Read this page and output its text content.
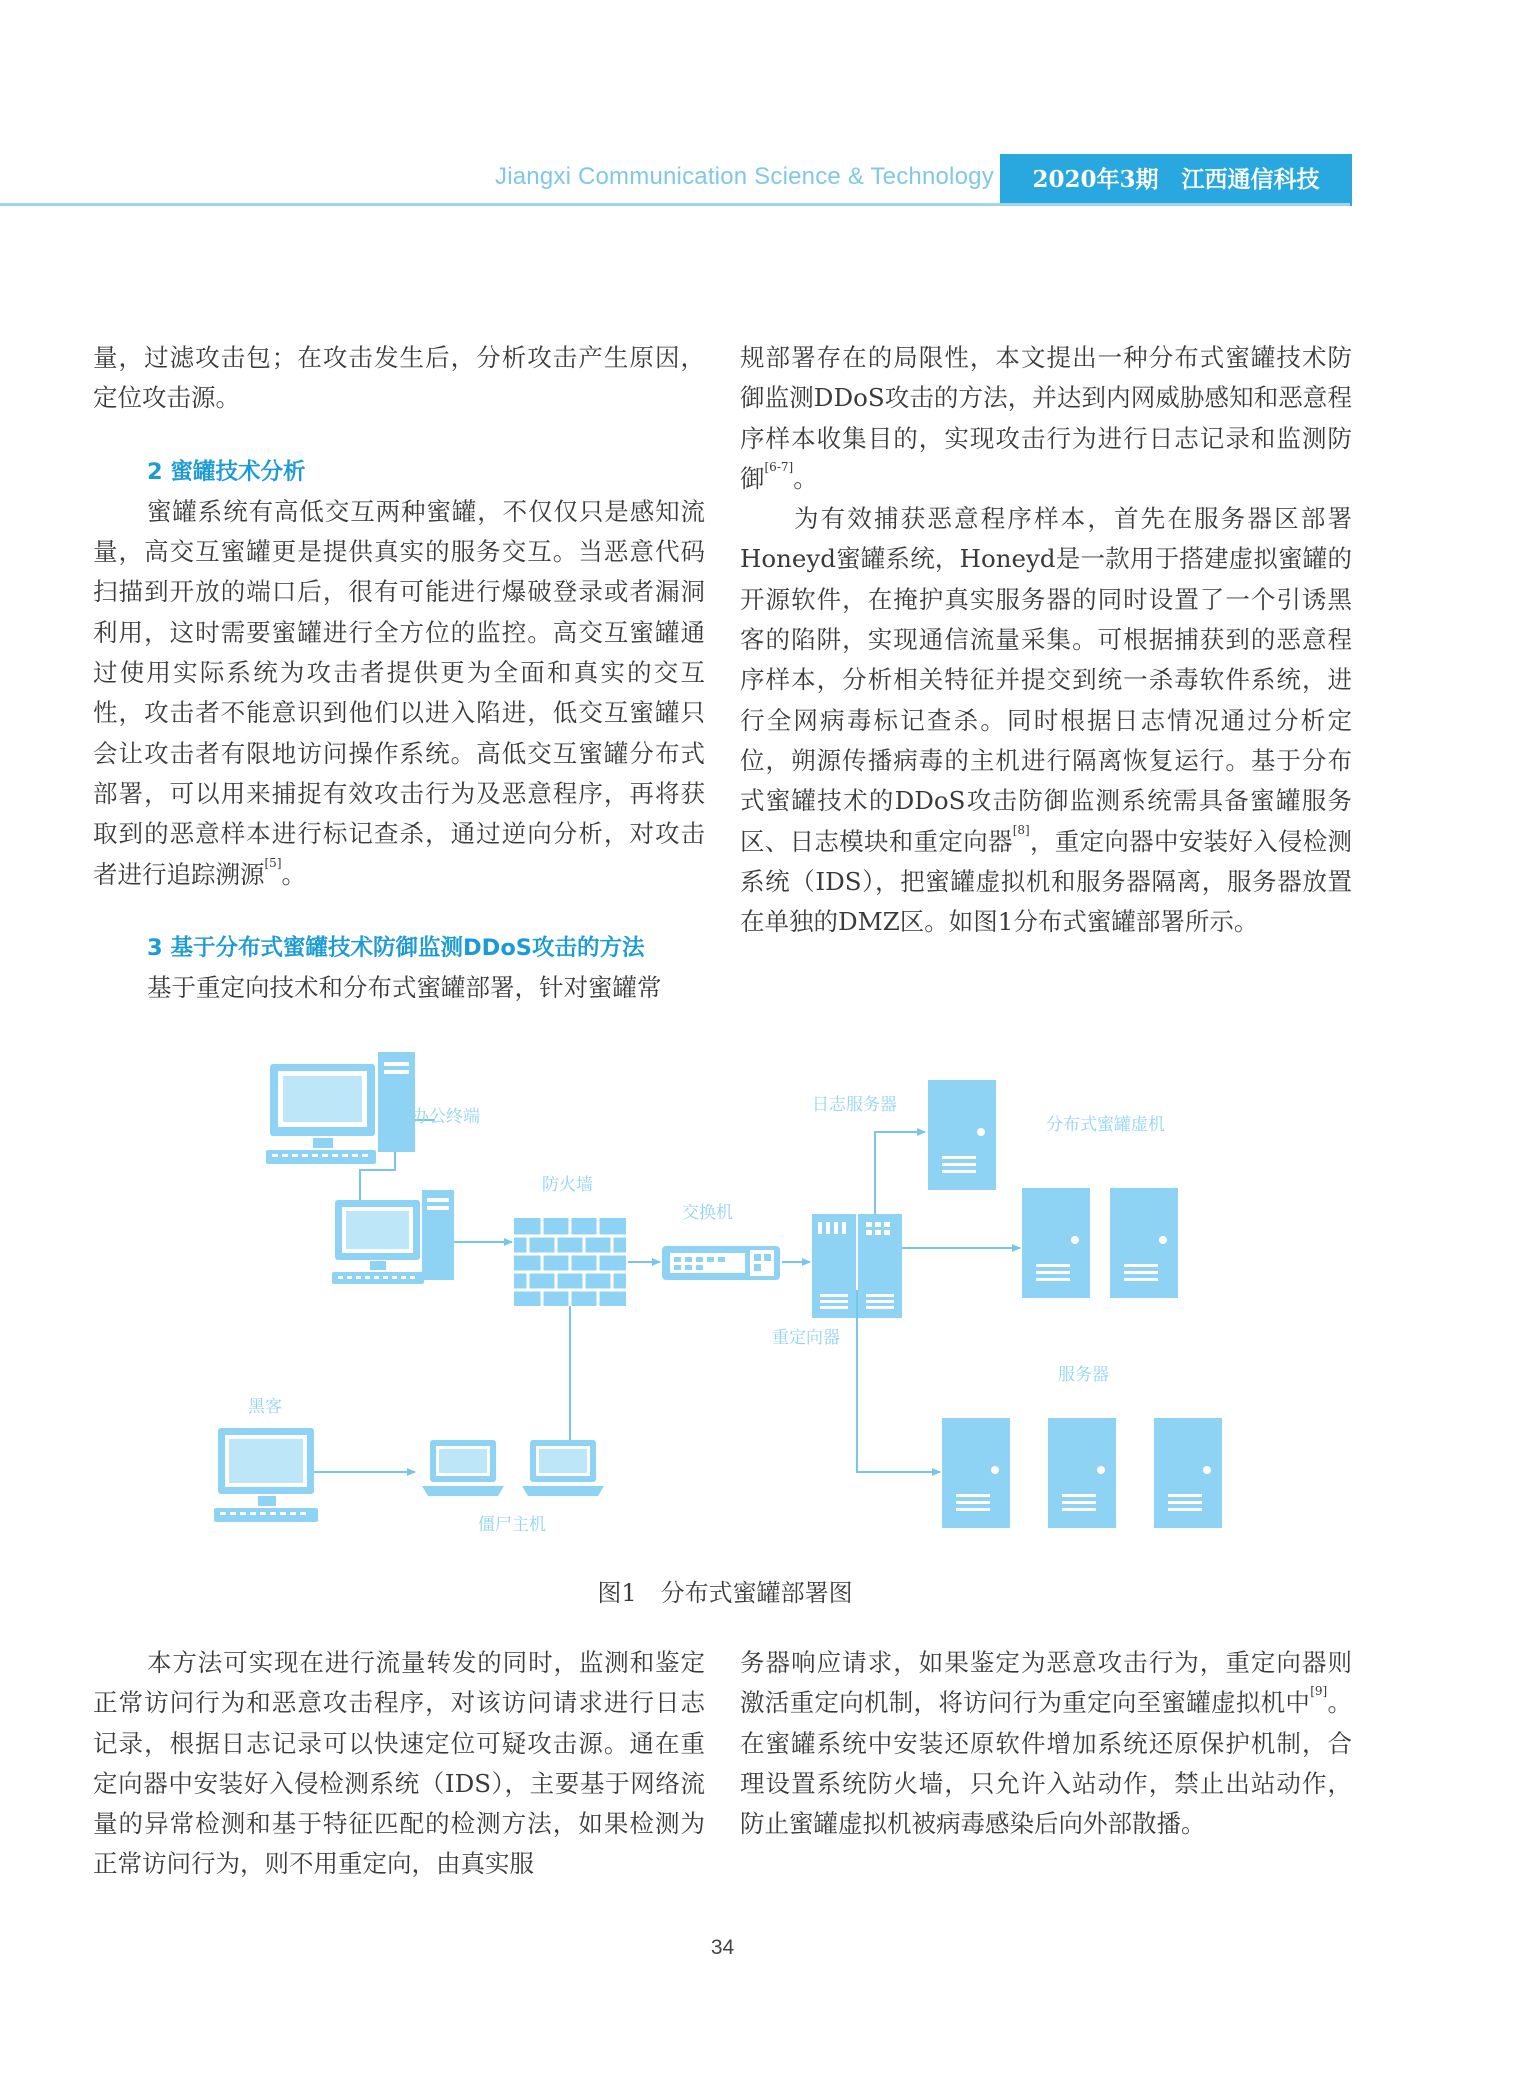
Jiangxi Communication Science & Technology	2020年3期　江西通信科技

量，过滤攻击包；在攻击发生后，分析攻击产生原因，定位攻击源。

2 蜜罐技术分析

蜜罐系统有高低交互两种蜜罐，不仅仅只是感知流量，高交互蜜罐更是提供真实的服务交互。当恶意代码扫描到开放的端口后，很有可能进行爆破登录或者漏洞利用，这时需要蜜罐进行全方位的监控。高交互蜜罐通过使用实际系统为攻击者提供更为全面和真实的交互性，攻击者不能意识到他们以进入陷进，低交互蜜罐只会让攻击者有限地访问操作系统。高低交互蜜罐分布式部署，可以用来捕捉有效攻击行为及恶意程序，再将获取到的恶意样本进行标记查杀，通过逆向分析，对攻击者进行追踪溯源[5]。

3 基于分布式蜜罐技术防御监测DDoS攻击的方法

基于重定向技术和分布式蜜罐部署，针对蜜罐常

规部署存在的局限性，本文提出一种分布式蜜罐技术防御监测DDoS攻击的方法，并达到内网威胁感知和恶意程序样本收集目的，实现攻击行为进行日志记录和监测防御[6-7]。

为有效捕获恶意程序样本，首先在服务器区部署Honeyd蜜罐系统，Honeyd是一款用于搭建虚拟蜜罐的开源软件，在掩护真实服务器的同时设置了一个引诱黑客的陷阱，实现通信流量采集。可根据捕获到的恶意程序样本，分析相关特征并提交到统一杀毒软件系统，进行全网病毒标记查杀。同时根据日志情况通过分析定位，朔源传播病毒的主机进行隔离恢复运行。基于分布式蜜罐技术的DDoS攻击防御监测系统需具备蜜罐服务区、日志模块和重定向器[8]，重定向器中安装好入侵检测系统（IDS），把蜜罐虚拟机和服务器隔离，服务器放置在单独的DMZ区。如图1分布式蜜罐部署所示。

办公终端
防火墙
交换机
重定向器
日志服务器
分布式蜜罐虚机
服务器
黑客
僵尸主机
图1　分布式蜜罐部署图

本方法可实现在进行流量转发的同时，监测和鉴定正常访问行为和恶意攻击程序，对该访问请求进行日志记录，根据日志记录可以快速定位可疑攻击源。通在重定向器中安装好入侵检测系统（IDS），主要基于网络流量的异常检测和基于特征匹配的检测方法，如果检测为正常访问行为，则不用重定向，由真实服

务器响应请求，如果鉴定为恶意攻击行为，重定向器则激活重定向机制，将访问行为重定向至蜜罐虚拟机中[9]。在蜜罐系统中安装还原软件增加系统还原保护机制，合理设置系统防火墙，只允许入站动作，禁止出站动作，防止蜜罐虚拟机被病毒感染后向外部散播。

34
